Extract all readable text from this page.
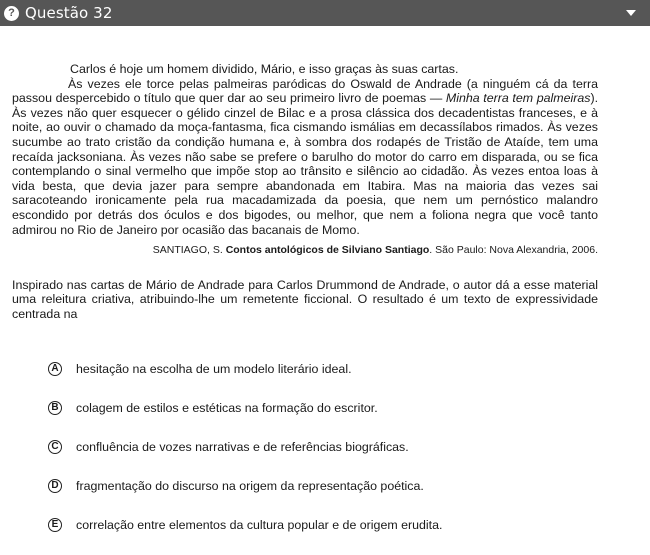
? Questão 32

Carlos é hoje um homem dividido, Mário, e isso graças às suas cartas.

Às vezes ele torce pelas palmeiras paródicas do Oswald de Andrade (a ninguém cá da terra passou despercebido o título que quer dar ao seu primeiro livro de poemas — Minha terra tem palmeiras). Às vezes não quer esquecer o gélido cinzel de Bilac e a prosa clássica dos decadentistas franceses, e à noite, ao ouvir o chamado da moça-fantasma, fica cismando ismálias em decassílabos rimados. Às vezes sucumbe ao trato cristão da condição humana e, à sombra dos rodapés de Tristão de Ataíde, tem uma recaída jacksoniana. Às vezes não sabe se prefere o barulho do motor do carro em disparada, ou se fica contemplando o sinal vermelho que impõe stop ao trânsito e silêncio ao cidadão. Às vezes entoa loas à vida besta, que devia jazer para sempre abandonada em Itabira. Mas na maioria das vezes sai saracoteando ironicamente pela rua macadamizada da poesia, que nem um pernóstico malandro escondido por detrás dos óculos e dos bigodes, ou melhor, que nem a foliona negra que você tanto admirou no Rio de Janeiro por ocasião das bacanais de Momo.

SANTIAGO, S. Contos antológicos de Silviano Santiago. São Paulo: Nova Alexandria, 2006.

Inspirado nas cartas de Mário de Andrade para Carlos Drummond de Andrade, o autor dá a esse material uma releitura criativa, atribuindo-lhe um remetente ficcional. O resultado é um texto de expressividade centrada na

A hesitação na escolha de um modelo literário ideal.
B colagem de estilos e estéticas na formação do escritor.
C confluência de vozes narrativas e de referências biográficas.
D fragmentação do discurso na origem da representação poética.
E correlação entre elementos da cultura popular e de origem erudita.
